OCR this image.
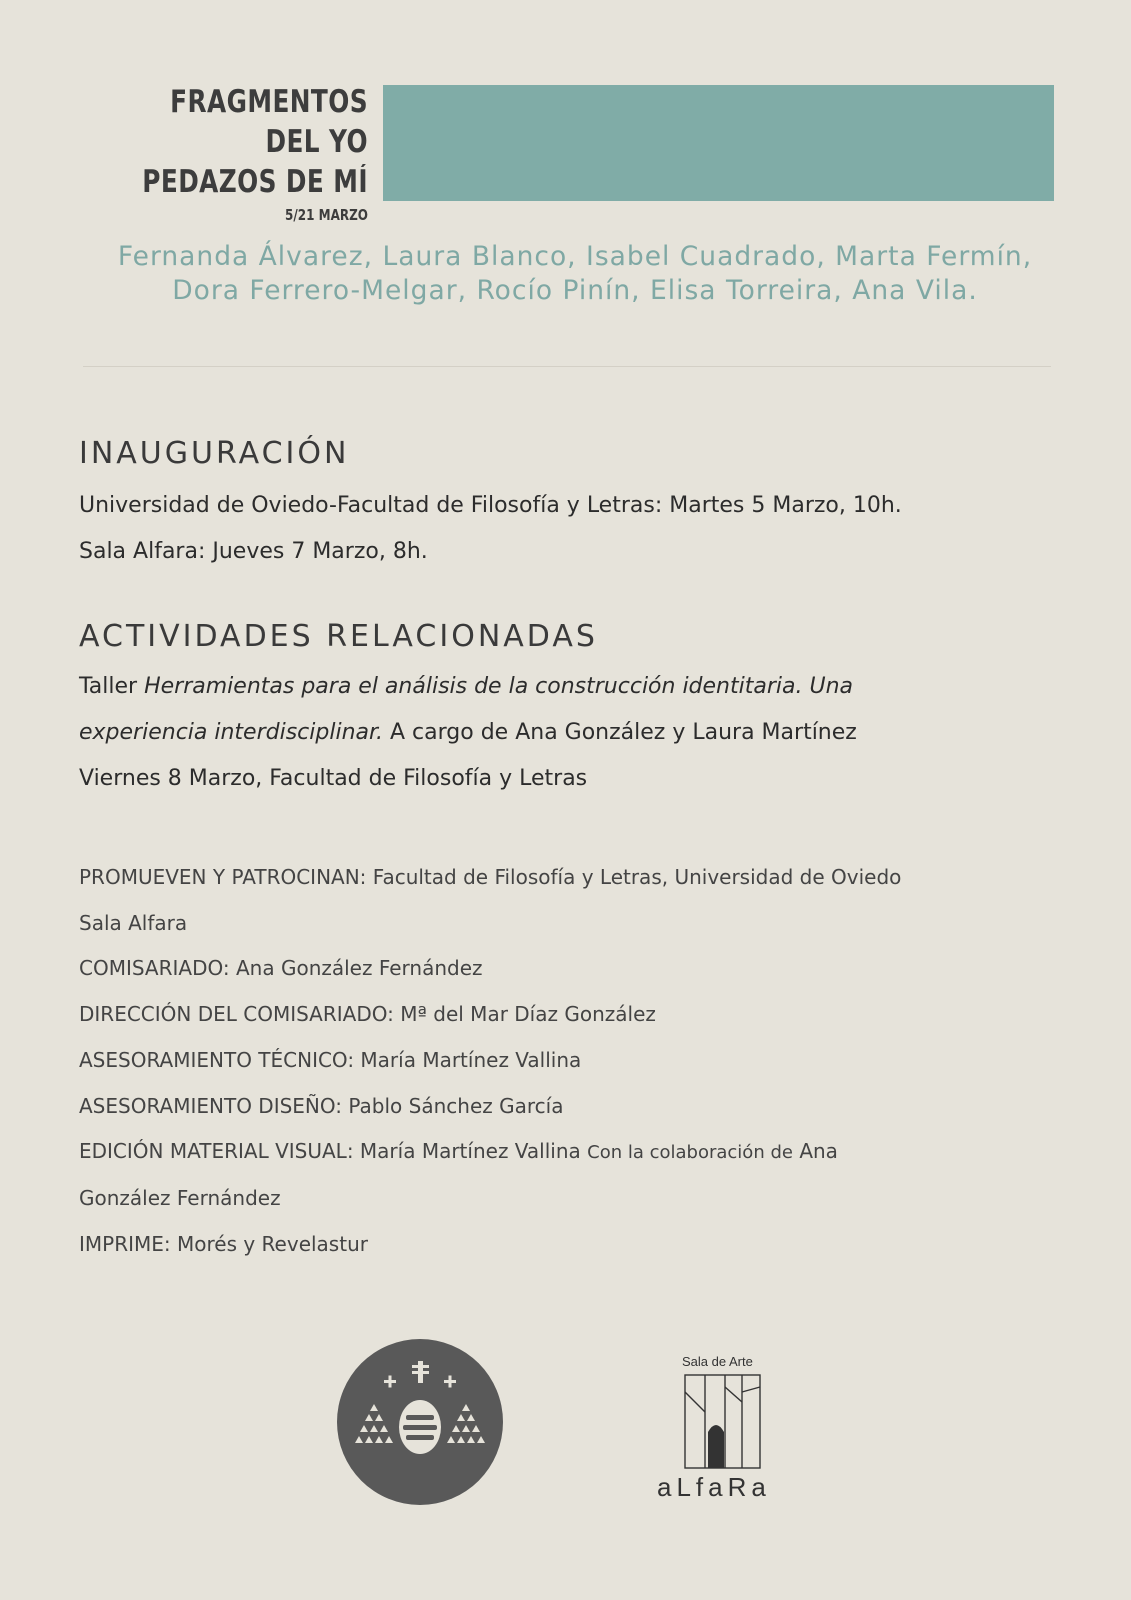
FRAGMENTOS DEL YO
PEDAZOS DE MÍ
5/21 MARZO
Fernanda Álvarez, Laura Blanco, Isabel Cuadrado, Marta Fermín,
Dora Ferrero-Melgar, Rocío Pinín, Elisa Torreira, Ana Vila.
INAUGURACIÓN

Universidad de Oviedo-Facultad de Filosofía y Letras: Martes 5 Marzo, 10h.

Sala Alfara: Jueves 7 Marzo, 8h.

ACTIVIDADES RELACIONADAS

Taller Herramientas para el análisis de la construcción identitaria. Una

experiencia interdisciplinar. A cargo de Ana González y Laura Martínez

Viernes 8 Marzo, Facultad de Filosofía y Letras

PROMUEVEN Y PATROCINAN: Facultad de Filosofía y Letras, Universidad de Oviedo

Sala Alfara

COMISARIADO: Ana González Fernández

DIRECCIÓN DEL COMISARIADO: Mª del Mar Díaz González

ASESORAMIENTO TÉCNICO: María Martínez Vallina

ASESORAMIENTO DISEÑO: Pablo Sánchez García

EDICIÓN MATERIAL VISUAL: María Martínez Vallina Con la colaboración de Ana

González Fernández

IMPRIME: Morés y Revelastur

Sala de Arte
aLfaRa
